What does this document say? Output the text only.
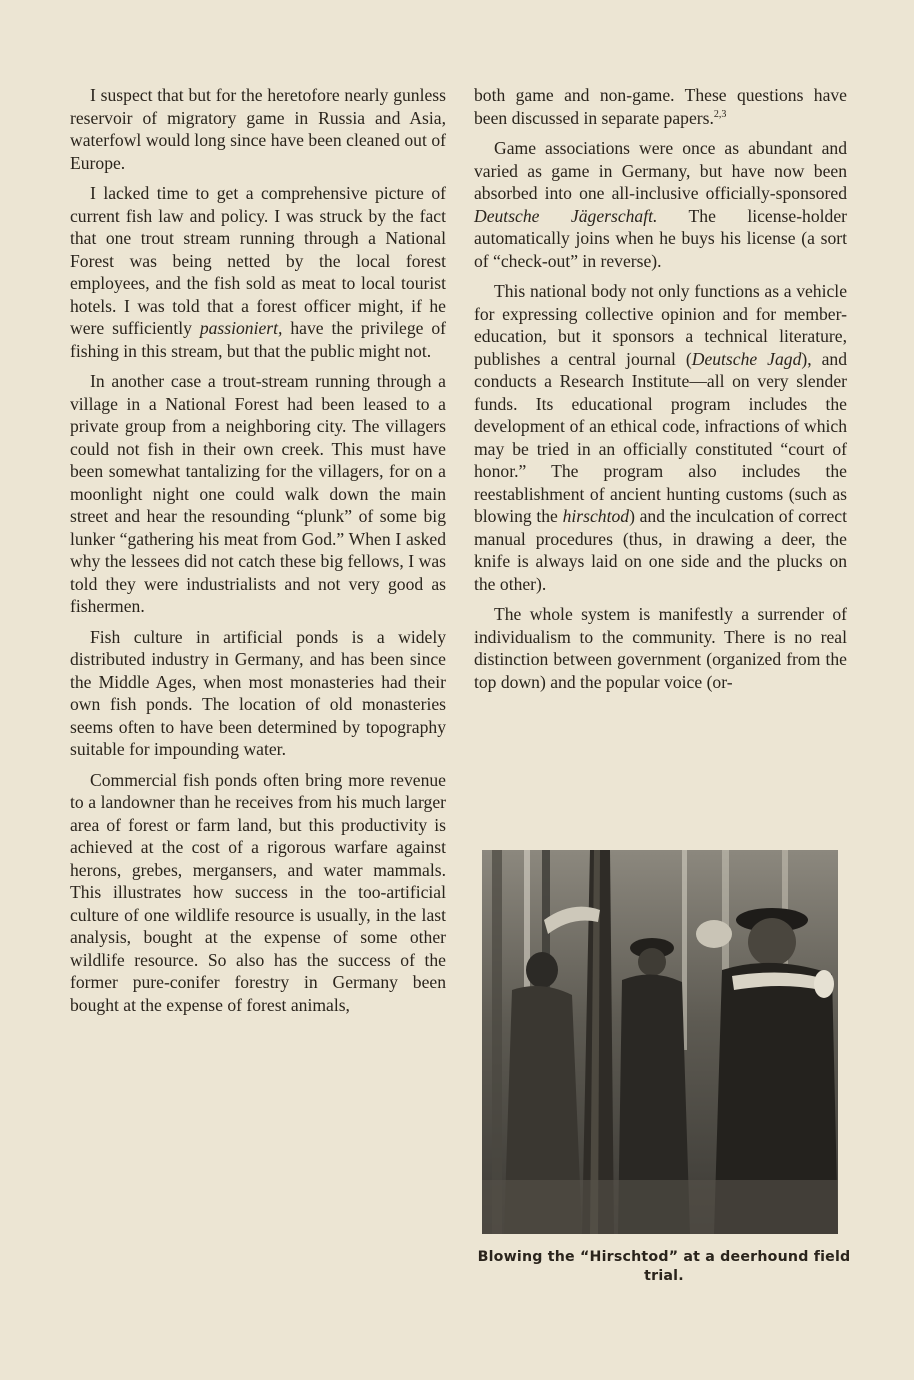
I suspect that but for the heretofore nearly gunless reservoir of migratory game in Russia and Asia, waterfowl would long since have been cleaned out of Europe.

I lacked time to get a comprehensive picture of current fish law and policy. I was struck by the fact that one trout stream running through a National Forest was being netted by the local forest employees, and the fish sold as meat to local tourist hotels. I was told that a forest officer might, if he were sufficiently passioniert, have the privilege of fishing in this stream, but that the public might not.

In another case a trout-stream running through a village in a National Forest had been leased to a private group from a neighboring city. The villagers could not fish in their own creek. This must have been somewhat tantalizing for the villagers, for on a moonlight night one could walk down the main street and hear the resounding “plunk” of some big lunker “gathering his meat from God.” When I asked why the lessees did not catch these big fellows, I was told they were industrialists and not very good as fishermen.

Fish culture in artificial ponds is a widely distributed industry in Germany, and has been since the Middle Ages, when most monasteries had their own fish ponds. The location of old monasteries seems often to have been determined by topography suitable for impounding water.

Commercial fish ponds often bring more revenue to a landowner than he receives from his much larger area of forest or farm land, but this productivity is achieved at the cost of a rigorous warfare against herons, grebes, mergansers, and water mammals. This illustrates how success in the too-artificial culture of one wildlife resource is usually, in the last analysis, bought at the expense of some other wildlife resource. So also has the success of the former pure-conifer forestry in Germany been bought at the expense of forest animals,

both game and non-game. These questions have been discussed in separate papers.$^{2,3}$

Game associations were once as abundant and varied as game in Germany, but have now been absorbed into one all-inclusive officially-sponsored Deutsche Jägerschaft. The license-holder automatically joins when he buys his license (a sort of “check-out” in reverse).

This national body not only functions as a vehicle for expressing collective opinion and for member-education, but it sponsors a technical literature, publishes a central journal (Deutsche Jagd), and conducts a Research Institute—all on very slender funds. Its educational program includes the development of an ethical code, infractions of which may be tried in an officially constituted “court of honor.” The program also includes the reestablishment of ancient hunting customs (such as blowing the hirschtod) and the inculcation of correct manual procedures (thus, in drawing a deer, the knife is always laid on one side and the plucks on the other).

The whole system is manifestly a surrender of individualism to the community. There is no real distinction between government (organized from the top down) and the popular voice (or-

Blowing the “Hirschtod” at a deerhound field trial.
